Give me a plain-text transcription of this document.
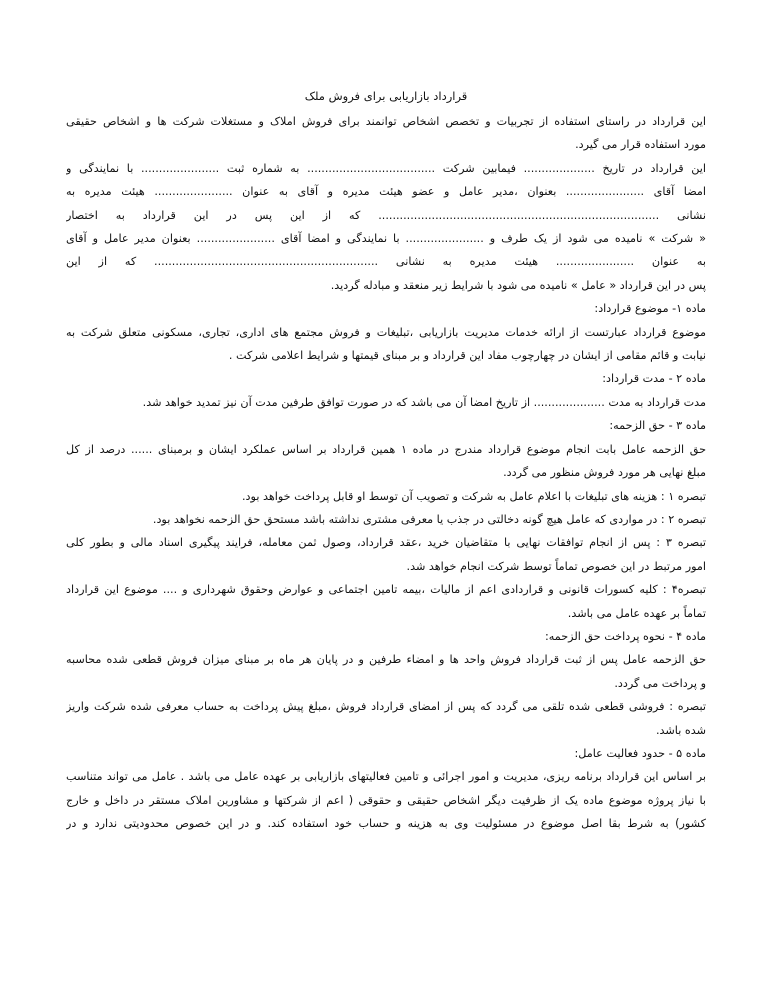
قرارداد بازاریابی برای فروش ملک
این قرارداد در راستای استفاده از تجربیات و تخصص اشخاص توانمند برای فروش املاک و مستغلات شرکت ها و اشخاص حقیقی
مورد استفاده قرار می گیرد.
این قرارداد در تاریخ .................... فیمابین شرکت .................................... به شماره ثبت ...................... با نمایندگی و
امضا آقای ...................... بعنوان ،مدیر عامل و عضو هیئت مدیره و آقای به عنوان ...................... هیئت مدیره به
نشانی ............................................................................... که از این پس در این قرارداد به اختصار
« شرکت » نامیده می شود از یک طرف و ...................... با نمایندگی و امضا آقای ...................... بعنوان مدیر عامل و آقای
به عنوان ...................... هیئت مدیره به نشانی ............................................................... که از این
پس در این قرارداد « عامل » نامیده می شود با شرایط زیر منعقد و مبادله گردید.
ماده ۱- موضوع قرارداد:
موضوع قرارداد عبارتست از ارائه خدمات مدیریت بازاریابی ،تبلیغات و فروش مجتمع های اداری، تجاری، مسکونی متعلق شرکت به
نیابت و قائم مقامی از ایشان در چهارچوب مفاد این قرارداد و بر مبنای قیمتها و شرایط اعلامی شرکت .
ماده ۲ - مدت قرارداد:
مدت قرارداد به مدت .................... از تاریخ امضا آن می باشد که در صورت توافق طرفین مدت آن نیز تمدید خواهد شد.
ماده ۳ - حق الزحمه:
حق الزحمه عامل بابت انجام موضوع قرارداد مندرج در ماده ۱ همین قرارداد بر اساس عملکرد ایشان و برمبنای ...... درصد از کل
مبلغ نهایی هر مورد فروش منظور می گردد.
تبصره ۱ : هزینه های تبلیغات با اعلام عامل به شرکت و تصویب آن توسط او قابل پرداخت خواهد بود.
تبصره ۲ : در مواردی که عامل هیچ گونه دخالتی در جذب یا معرفی مشتری نداشته باشد مستحق حق الزحمه نخواهد بود.
تبصره ۳ : پس از انجام توافقات نهایی با متقاضیان خرید ،عقد قرارداد، وصول ثمن معامله، فرایند پیگیری اسناد مالی و بطور کلی
امور مرتبط در این خصوص تماماً توسط شرکت انجام خواهد شد.
تبصره۴ : کلیه کسورات قانونی و قراردادی اعم از مالیات ،بیمه تامین اجتماعی و عوارض وحقوق شهرداری و .... موضوع این قرارداد
تماماً بر عهده عامل می باشد.
ماده ۴ - نحوه پرداخت حق الزحمه:
حق الزحمه عامل پس از ثبت قرارداد فروش واحد ها و امضاء طرفین و در پایان هر ماه بر مبنای میزان فروش قطعی شده محاسبه
و پرداخت می گردد.
تبصره : فروشی قطعی شده تلقی می گردد که پس از امضای قرارداد فروش ،مبلغ پیش پرداخت به حساب معرفی شده شرکت واریز
شده باشد.
ماده ۵ - حدود فعالیت عامل:
بر اساس این قرارداد برنامه ریزی، مدیریت و امور اجرائی و تامین فعالیتهای بازاریابی بر عهده عامل می باشد . عامل می تواند متناسب
با نیاز پروژه موضوع ماده یک از ظرفیت دیگر اشخاص حقیقی و حقوقی ( اعم از شرکتها و مشاورین املاک مستقر در داخل و خارج
کشور) به شرط بقا اصل موضوع در مسئولیت وی به هزینه و حساب خود استفاده کند. و در این خصوص محدودیتی ندارد و در
